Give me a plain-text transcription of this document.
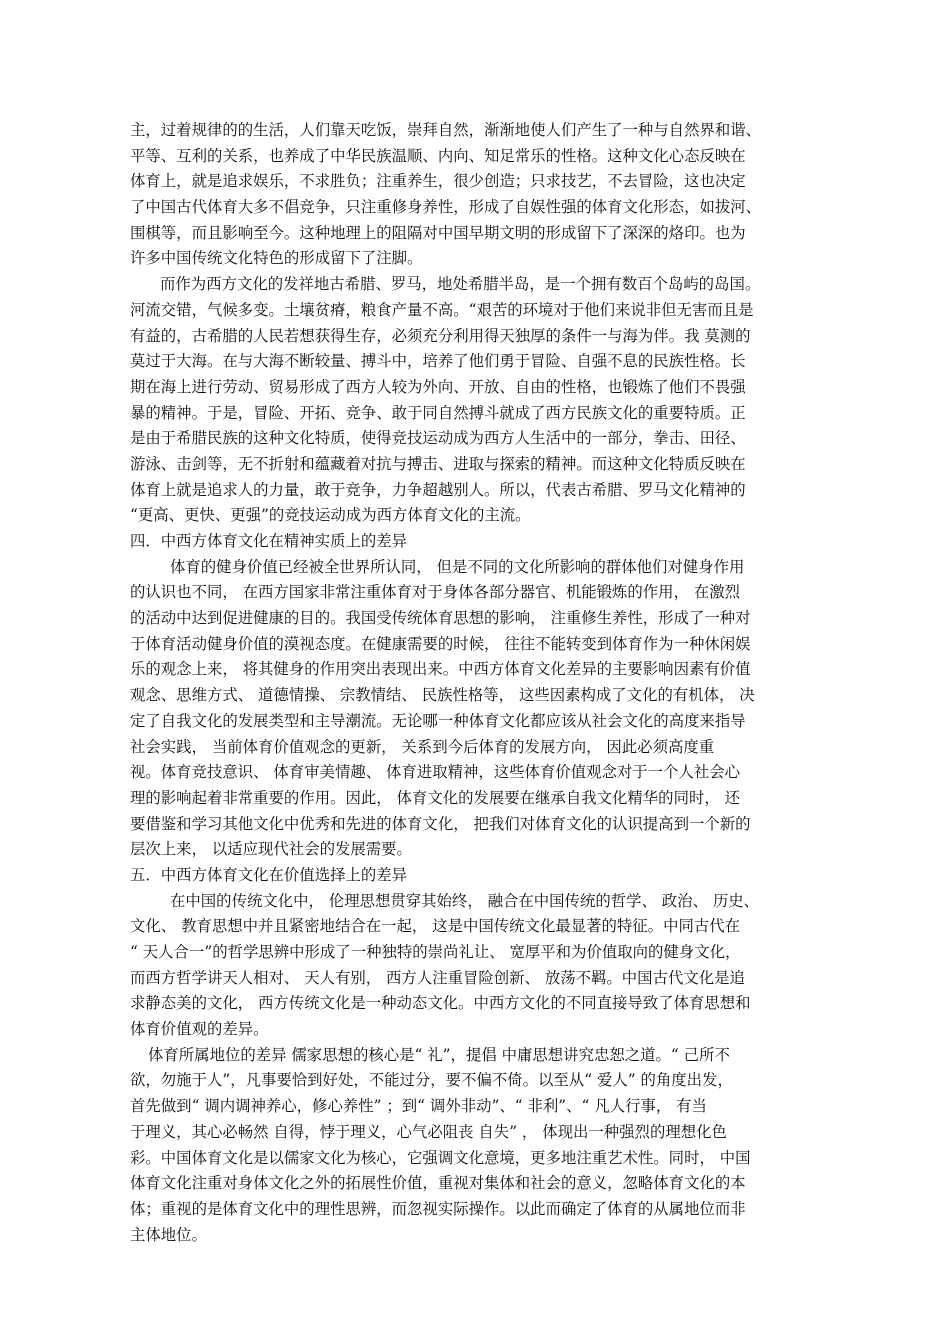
主，过着规律的的生活，人们靠天吃饭，崇拜自然，渐渐地使人们产生了一种与自然界和谐、
平等、互利的关系，也养成了中华民族温顺、内向、知足常乐的性格。这种文化心态反映在
体育上，就是追求娱乐，不求胜负；注重养生，很少创造；只求技艺，不去冒险，这也决定
了中国古代体育大多不倡竞争，只注重修身养性，形成了自娱性强的体育文化形态，如拔河、
围棋等，而且影响至今。这种地理上的阻隔对中国早期文明的形成留下了深深的烙印。也为
许多中国传统文化特色的形成留下了注脚。
而作为西方文化的发祥地古希腊、罗马，地处希腊半岛，是一个拥有数百个岛屿的岛国。
河流交错，气候多变。土壤贫瘠，粮食产量不高。“艰苦的环境对于他们来说非但无害而且是
有益的，古希腊的人民若想获得生存，必须充分利用得天独厚的条件一与海为伴。我 莫测的
莫过于大海。在与大海不断较量、搏斗中，培养了他们勇于冒险、自强不息的民族性格。长
期在海上进行劳动、贸易形成了西方人较为外向、开放、自由的性格，也锻炼了他们不畏强
暴的精神。于是，冒险、开拓、竞争、敢于同自然搏斗就成了西方民族文化的重要特质。正
是由于希腊民族的这种文化特质，使得竞技运动成为西方人生活中的一部分，拳击、田径、
游泳、击剑等，无不折射和蕴藏着对抗与搏击、进取与探索的精神。而这种文化特质反映在
体育上就是追求人的力量，敢于竞争，力争超越别人。所以，代表古希腊、罗马文化精神的
“更高、更快、更强”的竞技运动成为西方体育文化的主流。
四．中西方体育文化在精神实质上的差异
体育的健身价值已经被全世界所认同， 但是不同的文化所影响的群体他们对健身作用
的认识也不同， 在西方国家非常注重体育对于身体各部分器官、机能锻炼的作用， 在激烈
的活动中达到促进健康的目的。我国受传统体育思想的影响， 注重修生养性，形成了一种对
于体育活动健身价值的漠视态度。在健康需要的时候， 往往不能转变到体育作为一种休闲娱
乐的观念上来， 将其健身的作用突出表现出来。中西方体育文化差异的主要影响因素有价值
观念、思维方式、 道德情操、 宗教情结、 民族性格等， 这些因素构成了文化的有机体， 决
定了自我文化的发展类型和主导潮流。无论哪一种体育文化都应该从社会文化的高度来指导
社会实践， 当前体育价值观念的更新， 关系到今后体育的发展方向， 因此必须高度重
视。体育竞技意识、 体育审美情趣、 体育进取精神，这些体育价值观念对于一个人社会心
理的影响起着非常重要的作用。因此， 体育文化的发展要在继承自我文化精华的同时， 还
要借鉴和学习其他文化中优秀和先进的体育文化， 把我们对体育文化的认识提高到一个新的
层次上来， 以适应现代社会的发展需要。
五．中西方体育文化在价值选择上的差异
在中国的传统文化中， 伦理思想贯穿其始终， 融合在中国传统的哲学、 政治、 历史、
文化、 教育思想中并且紧密地结合在一起， 这是中国传统文化最显著的特征。中同古代在
“ 天人合一”的哲学思辨中形成了一种独特的崇尚礼让、 宽厚平和为价值取向的健身文化，
而西方哲学讲天人相对、 天人有别， 西方人注重冒险创新、 放荡不羁。中国古代文化是追
求静态美的文化， 西方传统文化是一种动态文化。中西方文化的不同直接导致了体育思想和
体育价值观的差异。
体育所属地位的差异 儒家思想的核心是“ 礼”，提倡 中庸思想讲究忠恕之道。“ 己所不
欲，勿施于人”，凡事要恰到好处，不能过分，要不偏不倚。以至从“ 爱人” 的角度出发，
首先做到“ 调内调神养心，修心养性” ；到“ 调外非动”、“ 非利”、“ 凡人行事， 有当
于理义，其心必畅然 自得，悖于理义，心气必阻丧 自失” ， 体现出一种强烈的理想化色
彩。中国体育文化是以儒家文化为核心，它强调文化意境，更多地注重艺术性。同时， 中国
体育文化注重对身体文化之外的拓展性价值，重视对集体和社会的意义，忽略体育文化的本
体；重视的是体育文化中的理性思辨，而忽视实际操作。以此而确定了体育的从属地位而非
主体地位。
